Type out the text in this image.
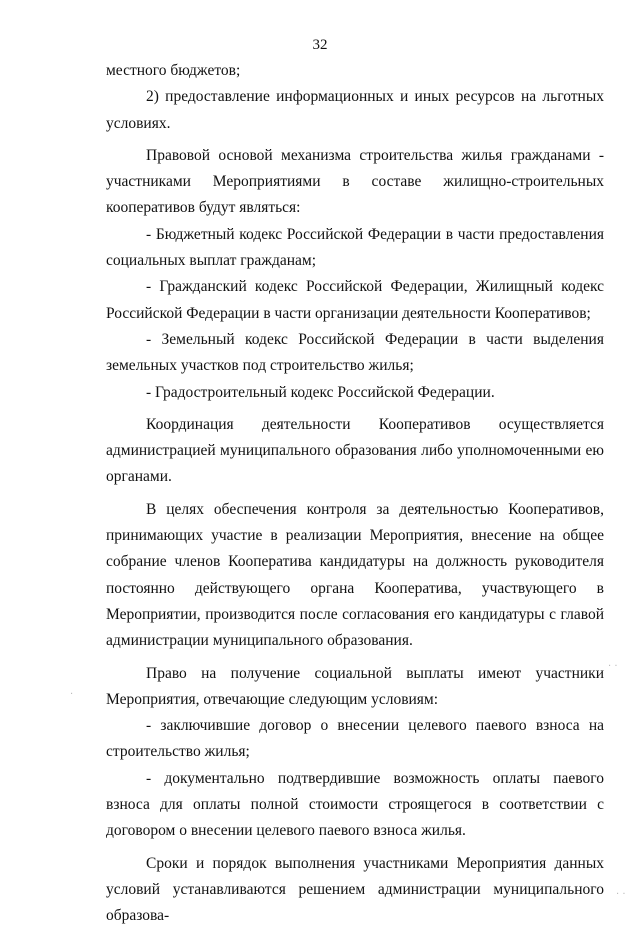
32

местного бюджетов;

2) предоставление информационных и иных ресурсов на льготных условиях.

Правовой основой механизма строительства жилья гражданами - участниками Мероприятиями в составе жилищно-строительных кооперативов будут являться:

- Бюджетный кодекс Российской Федерации в части предоставления социальных выплат гражданам;

- Гражданский кодекс Российской Федерации, Жилищный кодекс Российской Федерации в части организации деятельности Кооперативов;

- Земельный кодекс Российской Федерации в части выделения земельных участков под строительство жилья;

- Градостроительный кодекс Российской Федерации.

Координация деятельности Кооперативов осуществляется администрацией муниципального образования либо уполномоченными ею органами.

В целях обеспечения контроля за деятельностью Кооперативов, принимающих участие в реализации Мероприятия, внесение на общее собрание членов Кооператива кандидатуры на должность руководителя постоянно действующего органа Кооператива, участвующего в Мероприятии, производится после согласования его кандидатуры с главой администрации муниципального образования.

Право на получение социальной выплаты имеют участники Мероприятия, отвечающие следующим условиям:

- заключившие договор о внесении целевого паевого взноса на строительство жилья;

- документально подтвердившие возможность оплаты паевого взноса для оплаты полной стоимости строящегося в соответствии с договором о внесении целевого паевого взноса жилья.

Сроки и порядок выполнения участниками Мероприятия данных условий устанавливаются решением администрации муниципального образова-

· ·
·
· ·
